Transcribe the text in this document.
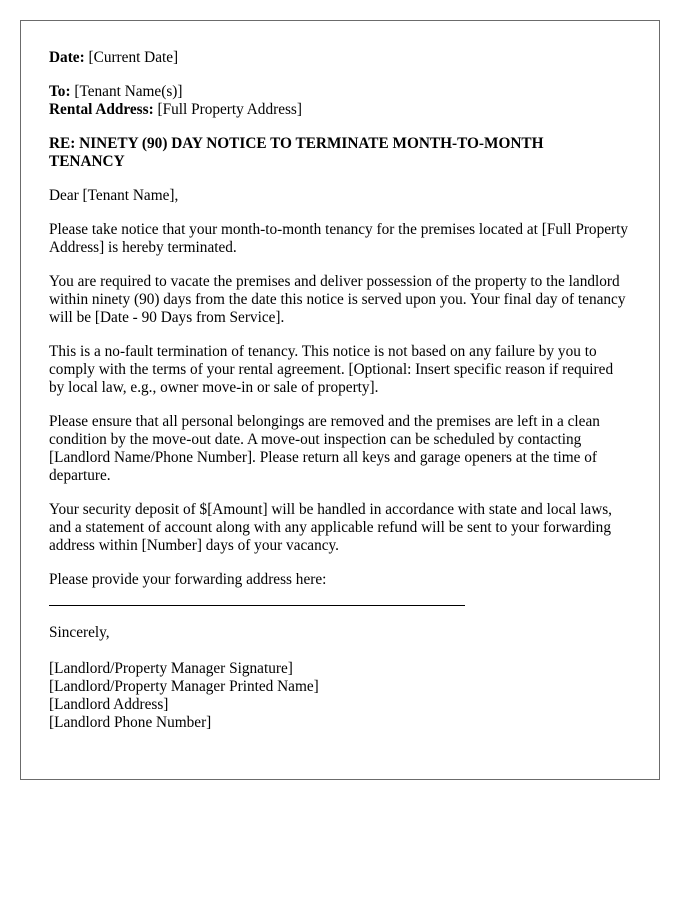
Date: [Current Date]
To: [Tenant Name(s)]
Rental Address: [Full Property Address]
RE: NINETY (90) DAY NOTICE TO TERMINATE MONTH-TO-MONTH TENANCY
Dear [Tenant Name],
Please take notice that your month-to-month tenancy for the premises located at [Full Property Address] is hereby terminated.
You are required to vacate the premises and deliver possession of the property to the landlord within ninety (90) days from the date this notice is served upon you. Your final day of tenancy will be [Date - 90 Days from Service].
This is a no-fault termination of tenancy. This notice is not based on any failure by you to comply with the terms of your rental agreement. [Optional: Insert specific reason if required by local law, e.g., owner move-in or sale of property].
Please ensure that all personal belongings are removed and the premises are left in a clean condition by the move-out date. A move-out inspection can be scheduled by contacting [Landlord Name/Phone Number]. Please return all keys and garage openers at the time of departure.
Your security deposit of $[Amount] will be handled in accordance with state and local laws, and a statement of account along with any applicable refund will be sent to your forwarding address within [Number] days of your vacancy.
Please provide your forwarding address here:
Sincerely,
[Landlord/Property Manager Signature]
[Landlord/Property Manager Printed Name]
[Landlord Address]
[Landlord Phone Number]
